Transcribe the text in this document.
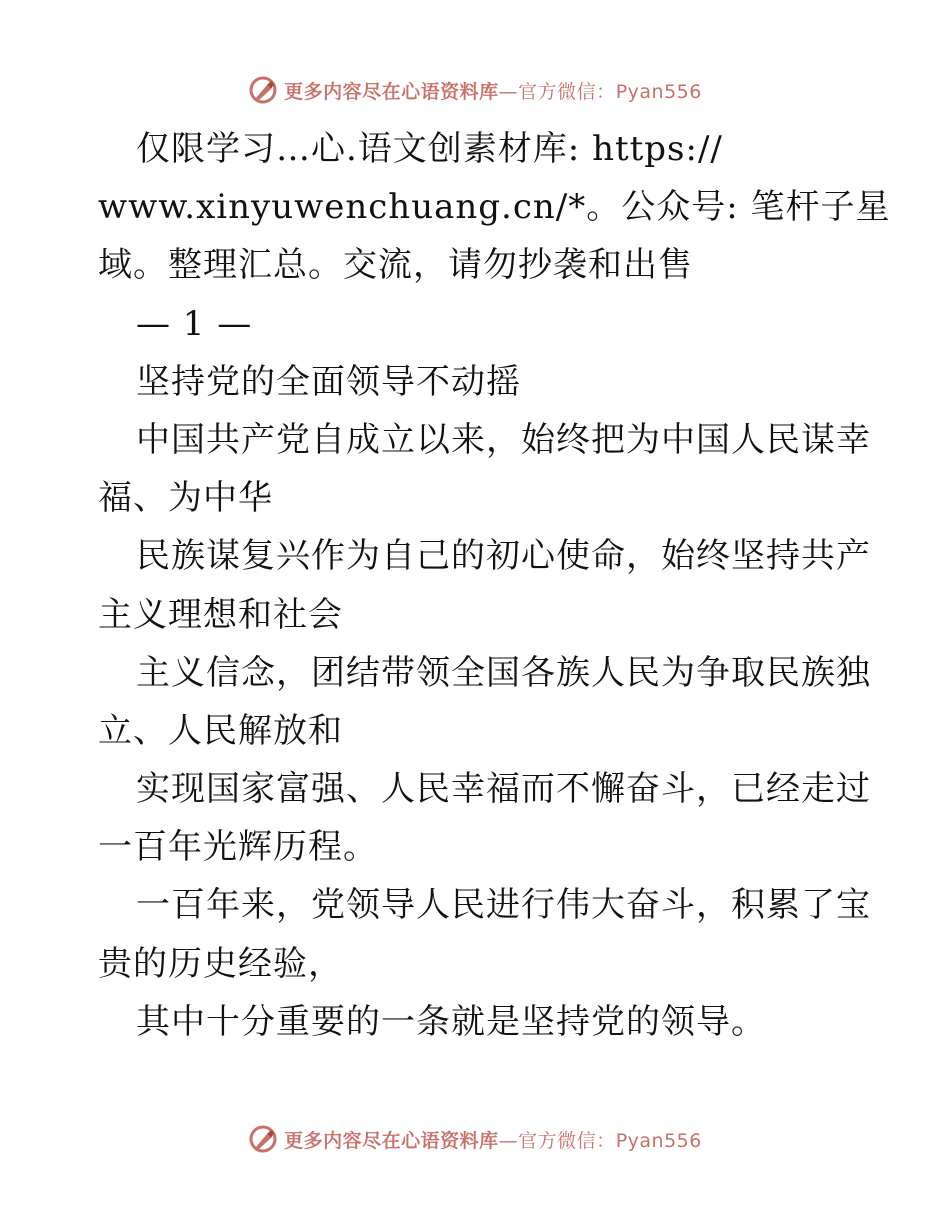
更多内容尽在心语资料库—官方微信：Pyan556
仅限学习…心.语文创素材库: https://
www.xinyuwenchuang.cn/*。公众号: 笔杆子星
域。整理汇总。交流，请勿抄袭和出售
— 1 —
坚持党的全面领导不动摇
中国共产党自成立以来，始终把为中国人民谋幸
福、为中华
民族谋复兴作为自己的初心使命，始终坚持共产
主义理想和社会
主义信念，团结带领全国各族人民为争取民族独
立、人民解放和
实现国家富强、人民幸福而不懈奋斗，已经走过
一百年光辉历程。
一百年来，党领导人民进行伟大奋斗，积累了宝
贵的历史经验，
其中十分重要的一条就是坚持党的领导。
更多内容尽在心语资料库—官方微信：Pyan556
